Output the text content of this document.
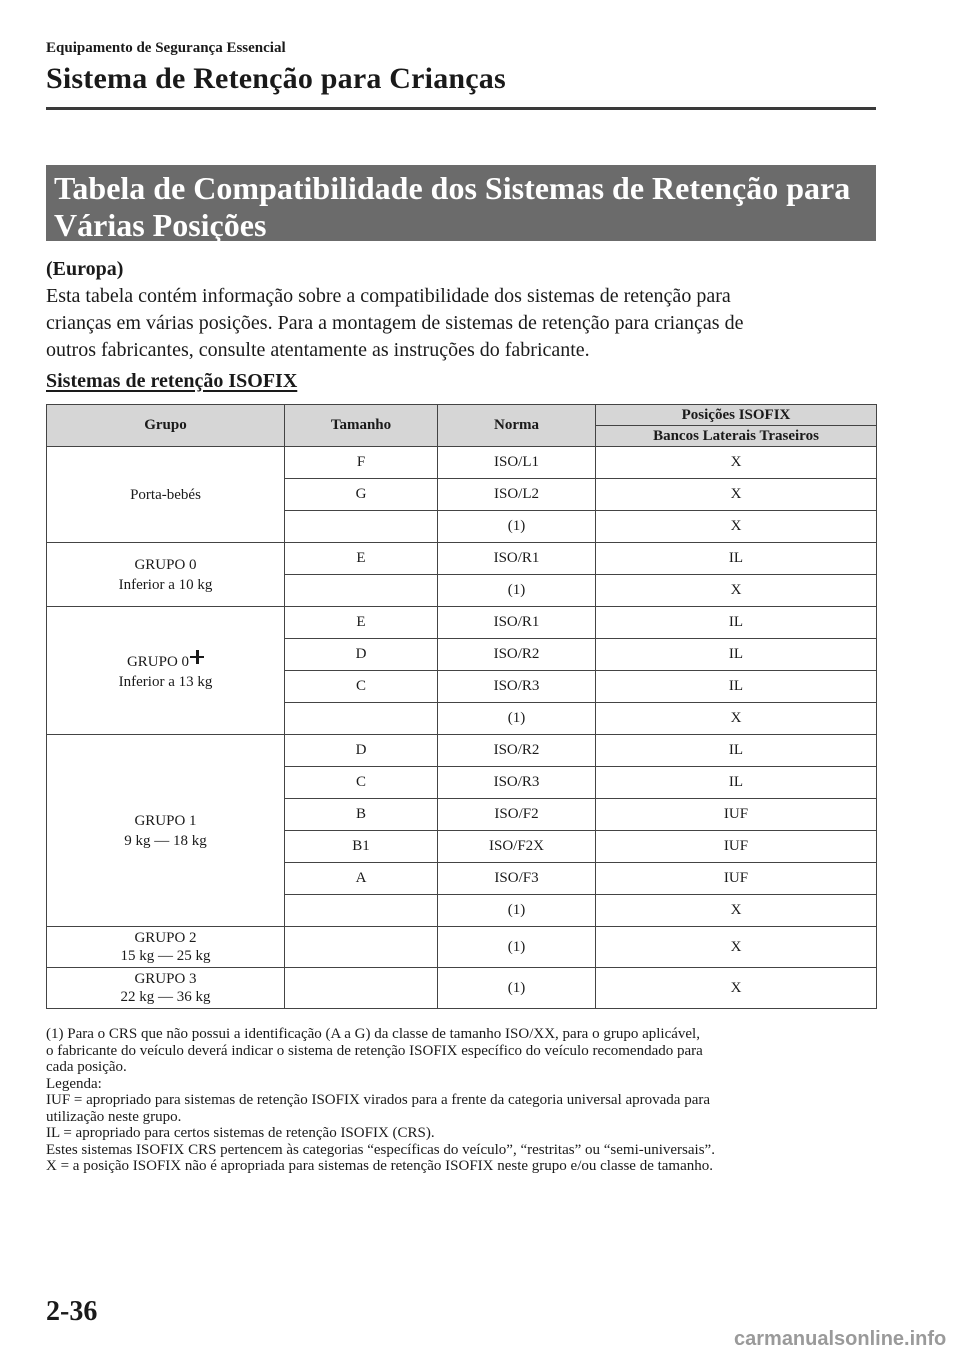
Equipamento de Segurança Essencial
Sistema de Retenção para Crianças
Tabela de Compatibilidade dos Sistemas de Retenção para
Várias Posições
(Europa)
Esta tabela contém informação sobre a compatibilidade dos sistemas de retenção para
crianças em várias posições. Para a montagem de sistemas de retenção para crianças de
outros fabricantes, consulte atentamente as instruções do fabricante.
Sistemas de retenção ISOFIX
Grupo	Tamanho	Norma	Posições ISOFIX
			Bancos Laterais Traseiros

Porta-bebés	F	ISO/L1	X
	G	ISO/L2	X
		(1)	X

GRUPO 0
Inferior a 10 kg	E	ISO/R1	IL
		(1)	X

GRUPO 0
Inferior a 13 kg	E	ISO/R1	IL
	D	ISO/R2	IL
	C	ISO/R3	IL
		(1)	X

GRUPO 1
9 kg — 18 kg	D	ISO/R2	IL
	C	ISO/R3	IL
	B	ISO/F2	IUF
	B1	ISO/F2X	IUF
	A	ISO/F3	IUF
		(1)	X

GRUPO 2
15 kg — 25 kg		(1)	X

GRUPO 3
22 kg — 36 kg		(1)	X

(1) Para o CRS que não possui a identificação (A a G) da classe de tamanho ISO/XX, para o grupo aplicável,

o fabricante do veículo deverá indicar o sistema de retenção ISOFIX específico do veículo recomendado para

cada posição.

Legenda:

IUF = apropriado para sistemas de retenção ISOFIX virados para a frente da categoria universal aprovada para

utilização neste grupo.

IL = apropriado para certos sistemas de retenção ISOFIX (CRS).

Estes sistemas ISOFIX CRS pertencem às categorias “específicas do veículo”, “restritas” ou “semi-universais”.

X = a posição ISOFIX não é apropriada para sistemas de retenção ISOFIX neste grupo e/ou classe de tamanho.

2-36
carmanualsonline.info
